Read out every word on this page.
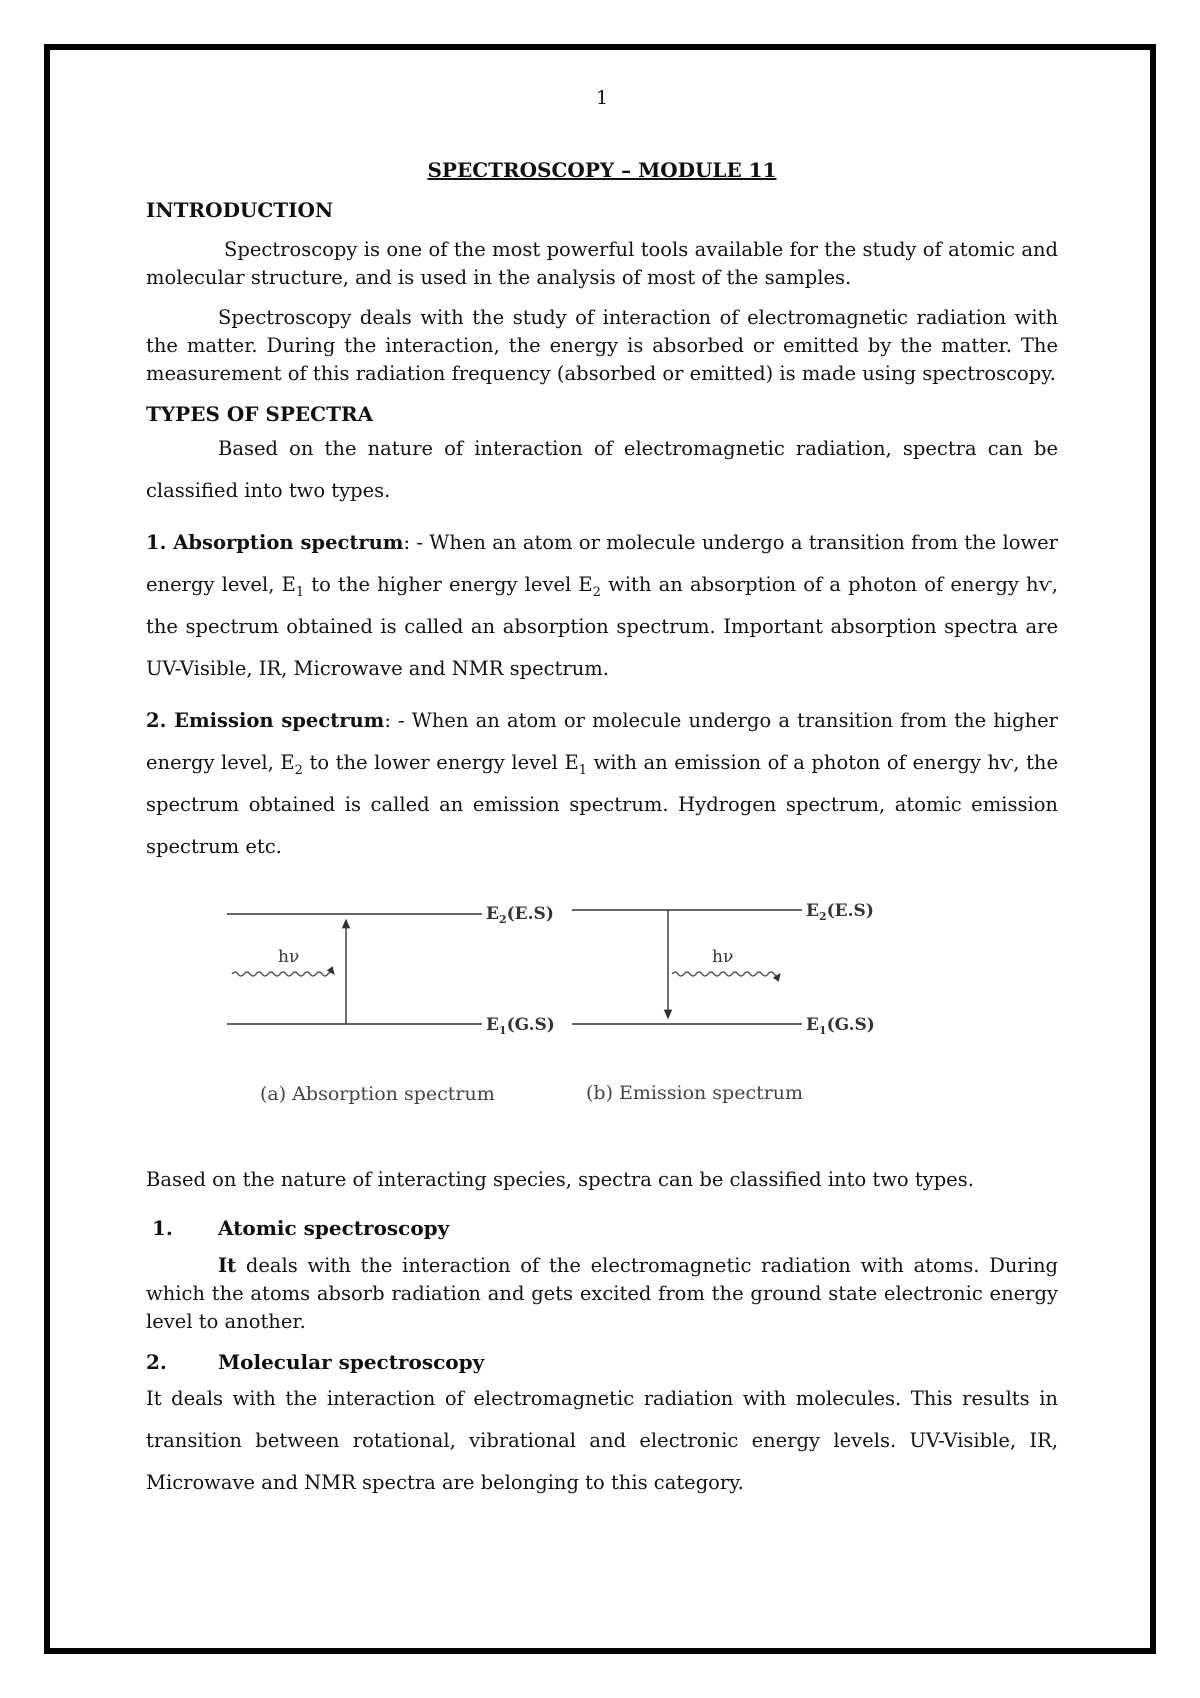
1
SPECTROSCOPY – MODULE 11
INTRODUCTION

Spectroscopy is one of the most powerful tools available for the study of atomic and molecular structure, and is used in the analysis of most of the samples.

Spectroscopy deals with the study of interaction of electromagnetic radiation with the matter. During the interaction, the energy is absorbed or emitted by the matter. The measurement of this radiation frequency (absorbed or emitted) is made using spectroscopy.

TYPES OF SPECTRA

Based on the nature of interaction of electromagnetic radiation, spectra can be classified into two types.

1. Absorption spectrum: - When an atom or molecule undergo a transition from the lower energy level, $E_1$ to the higher energy level $E_2$ with an absorption of a photon of energy hѵ, the spectrum obtained is called an absorption spectrum. Important absorption spectra are UV-Visible, IR, Microwave and NMR spectrum.

2. Emission spectrum: - When an atom or molecule undergo a transition from the higher energy level, $E_2$ to the lower energy level $E_1$ with an emission of a photon of energy hѵ, the spectrum obtained is called an emission spectrum. Hydrogen spectrum, atomic emission spectrum etc.

hν
$E_2(E.S)$
$E_1(G.S)$
(a) Absorption spectrum
hν
$E_2(E.S)$
$E_1(G.S)$
(b) Emission spectrum

Based on the nature of interacting species, spectra can be classified into two types.

1. Atomic spectroscopy

It deals with the interaction of the electromagnetic radiation with atoms. During which the atoms absorb radiation and gets excited from the ground state electronic energy level to another.

2.	Molecular spectroscopy

It deals with the interaction of electromagnetic radiation with molecules. This results in transition between rotational, vibrational and electronic energy levels. UV-Visible, IR, Microwave and NMR spectra are belonging to this category.
